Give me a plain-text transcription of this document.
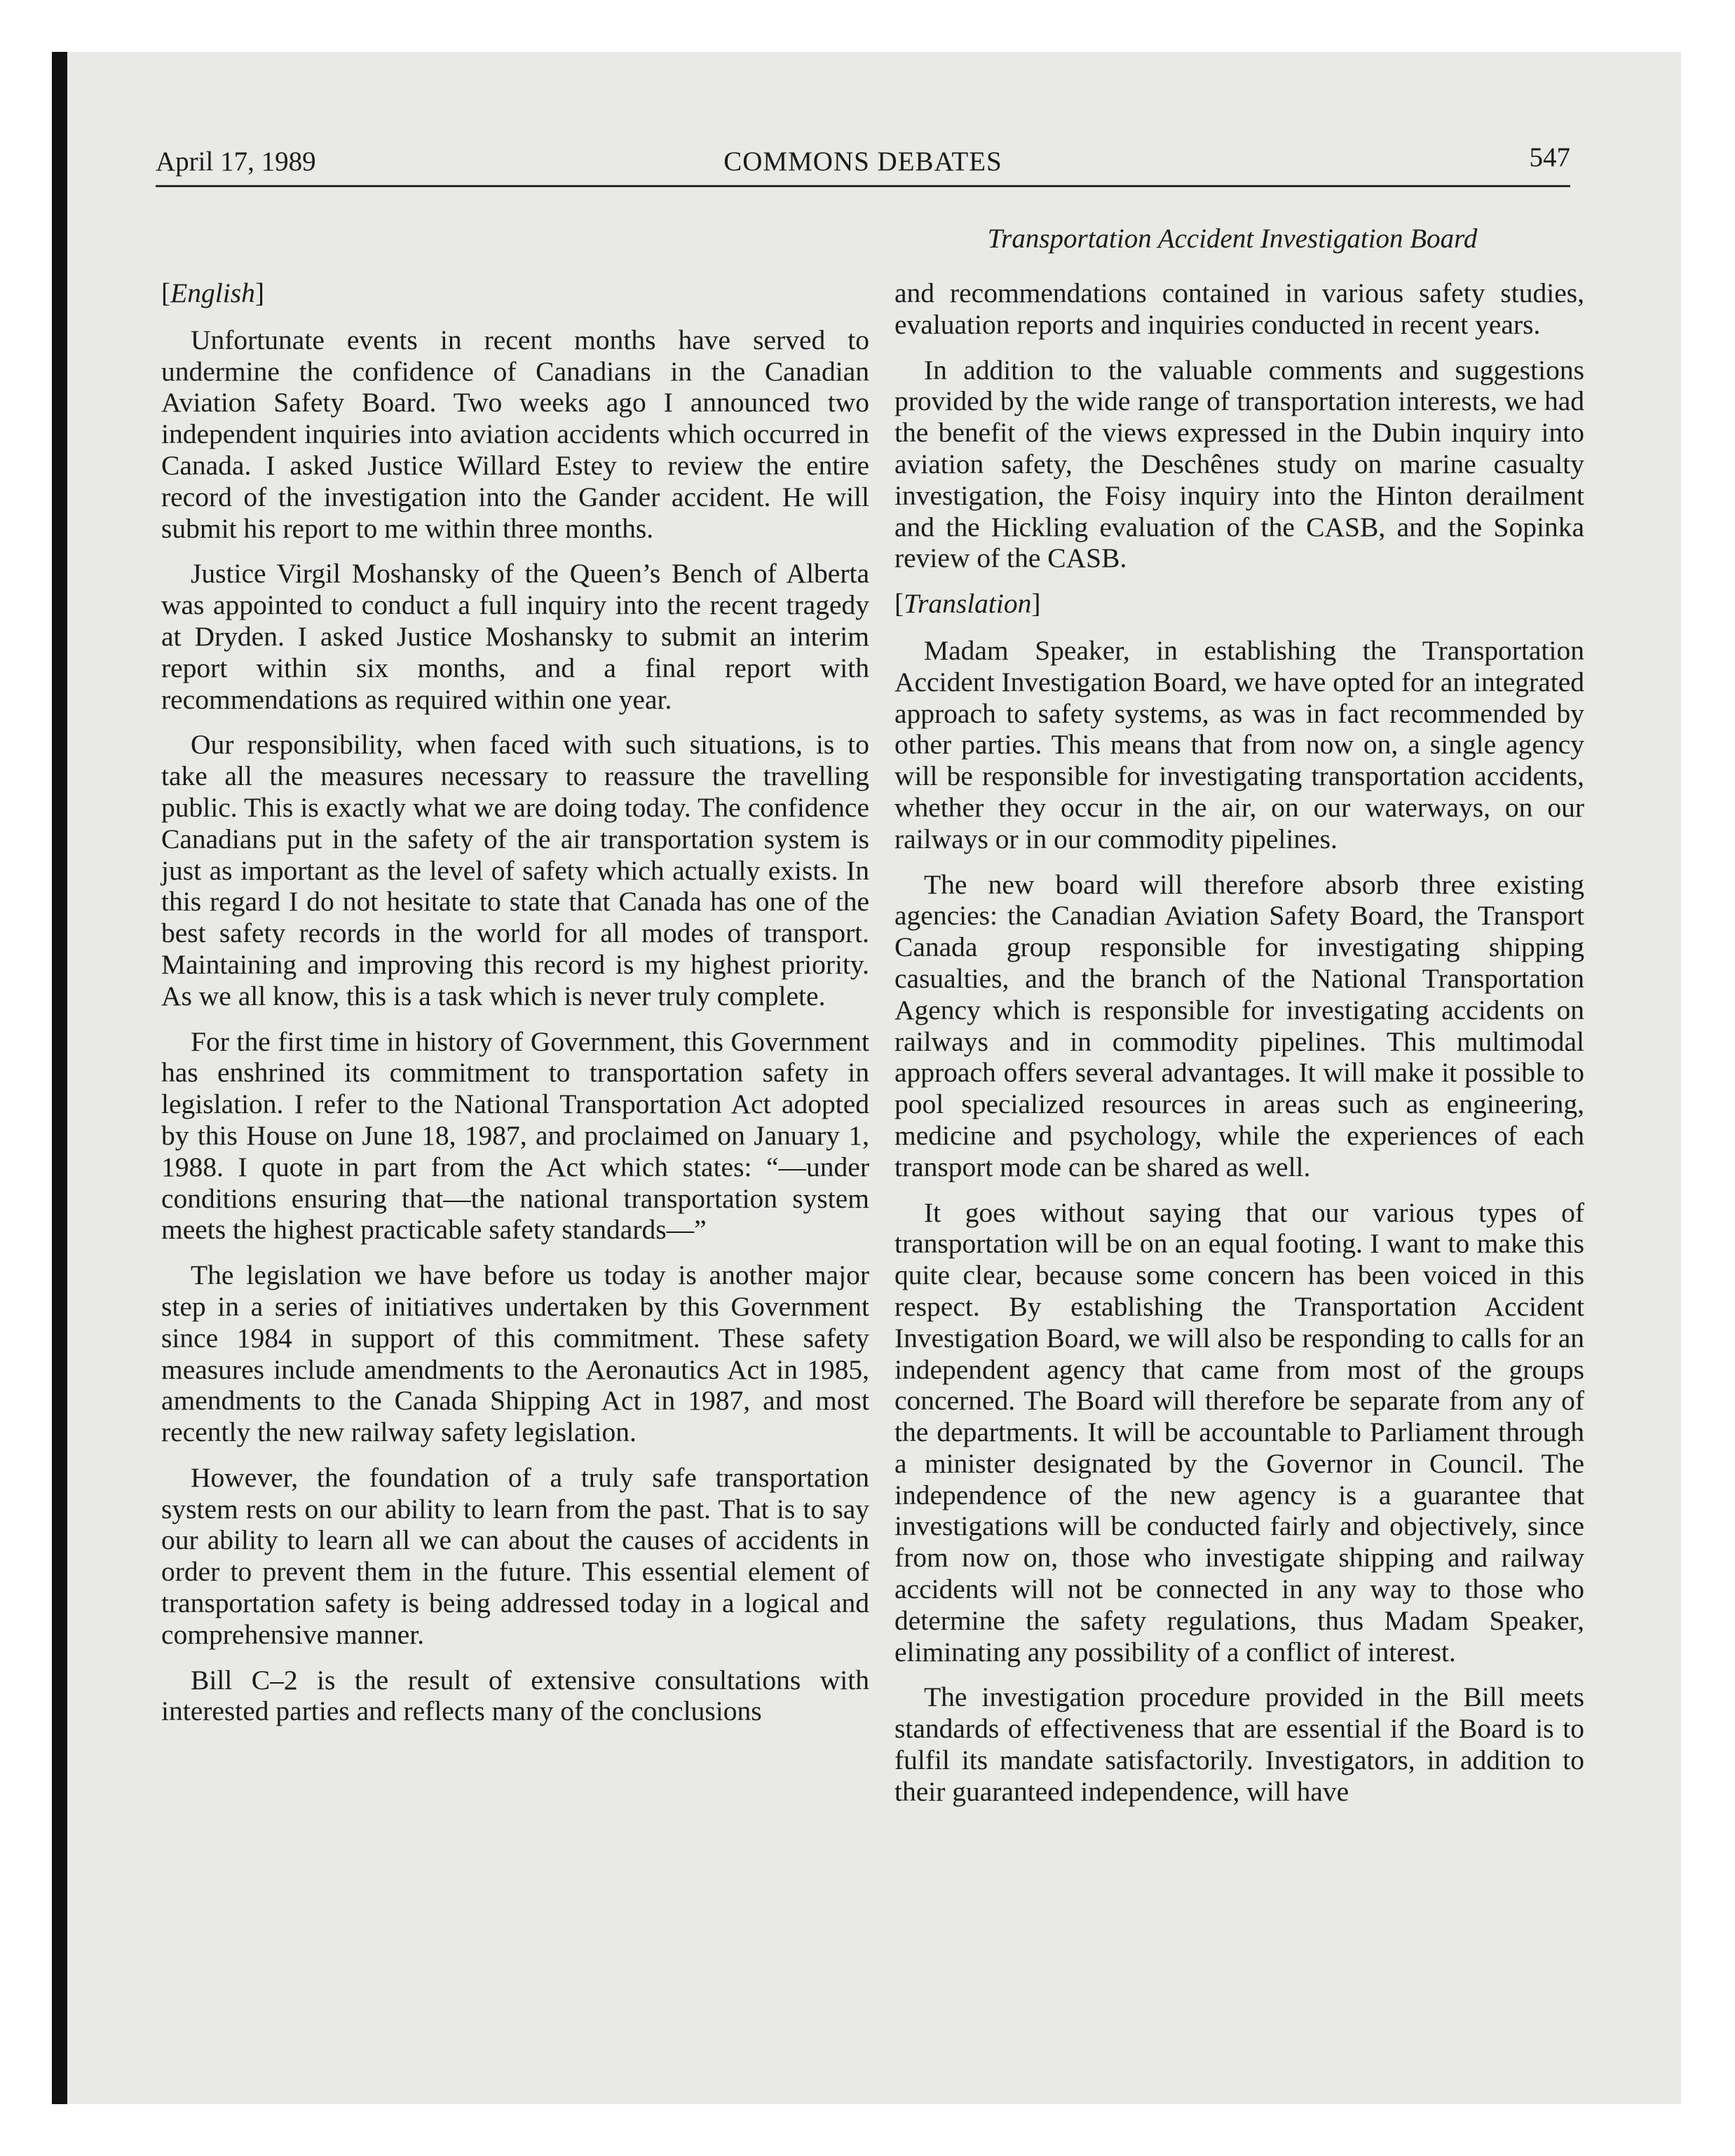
April 17, 1989	COMMONS DEBATES	547
Transportation Accident Investigation Board

[English]

Unfortunate events in recent months have served to undermine the confidence of Canadians in the Canadian Aviation Safety Board. Two weeks ago I announced two independent inquiries into aviation accidents which occurred in Canada. I asked Justice Willard Estey to review the entire record of the investigation into the Gander accident. He will submit his report to me within three months.

Justice Virgil Moshansky of the Queen’s Bench of Alberta was appointed to conduct a full inquiry into the recent tragedy at Dryden. I asked Justice Moshansky to submit an interim report within six months, and a final report with recommendations as required within one year.

Our responsibility, when faced with such situations, is to take all the measures necessary to reassure the travelling public. This is exactly what we are doing today. The confidence Canadians put in the safety of the air transportation system is just as important as the level of safety which actually exists. In this regard I do not hesitate to state that Canada has one of the best safety records in the world for all modes of transport. Maintaining and improving this record is my highest priority. As we all know, this is a task which is never truly complete.

For the first time in history of Government, this Government has enshrined its commitment to transportation safety in legislation. I refer to the National Transportation Act adopted by this House on June 18, 1987, and proclaimed on January 1, 1988. I quote in part from the Act which states: “—under conditions ensuring that—the national transportation system meets the highest practicable safety standards—”

The legislation we have before us today is another major step in a series of initiatives undertaken by this Government since 1984 in support of this commitment. These safety measures include amendments to the Aeronautics Act in 1985, amendments to the Canada Shipping Act in 1987, and most recently the new railway safety legislation.

However, the foundation of a truly safe transportation system rests on our ability to learn from the past. That is to say our ability to learn all we can about the causes of accidents in order to prevent them in the future. This essential element of transportation safety is being addressed today in a logical and comprehensive manner.

Bill C–2 is the result of extensive consultations with interested parties and reflects many of the conclusions

and recommendations contained in various safety studies, evaluation reports and inquiries conducted in recent years.

In addition to the valuable comments and suggestions provided by the wide range of transportation interests, we had the benefit of the views expressed in the Dubin inquiry into aviation safety, the Deschênes study on marine casualty investigation, the Foisy inquiry into the Hinton derailment and the Hickling evaluation of the CASB, and the Sopinka review of the CASB.

[Translation]

Madam Speaker, in establishing the Transportation Accident Investigation Board, we have opted for an integrated approach to safety systems, as was in fact recommended by other parties. This means that from now on, a single agency will be responsible for investigating transportation accidents, whether they occur in the air, on our waterways, on our railways or in our commodity pipelines.

The new board will therefore absorb three existing agencies: the Canadian Aviation Safety Board, the Transport Canada group responsible for investigating shipping casualties, and the branch of the National Transportation Agency which is responsible for investigating accidents on railways and in commodity pipelines. This multimodal approach offers several advantages. It will make it possible to pool specialized resources in areas such as engineering, medicine and psychology, while the experiences of each transport mode can be shared as well.

It goes without saying that our various types of transportation will be on an equal footing. I want to make this quite clear, because some concern has been voiced in this respect. By establishing the Transportation Accident Investigation Board, we will also be responding to calls for an independent agency that came from most of the groups concerned. The Board will therefore be separate from any of the departments. It will be accountable to Parliament through a minister designated by the Governor in Council. The independence of the new agency is a guarantee that investigations will be conducted fairly and objectively, since from now on, those who investigate shipping and railway accidents will not be connected in any way to those who determine the safety regulations, thus Madam Speaker, eliminating any possibility of a conflict of interest.

The investigation procedure provided in the Bill meets standards of effectiveness that are essential if the Board is to fulfil its mandate satisfactorily. Investigators, in addition to their guaranteed independence, will have
